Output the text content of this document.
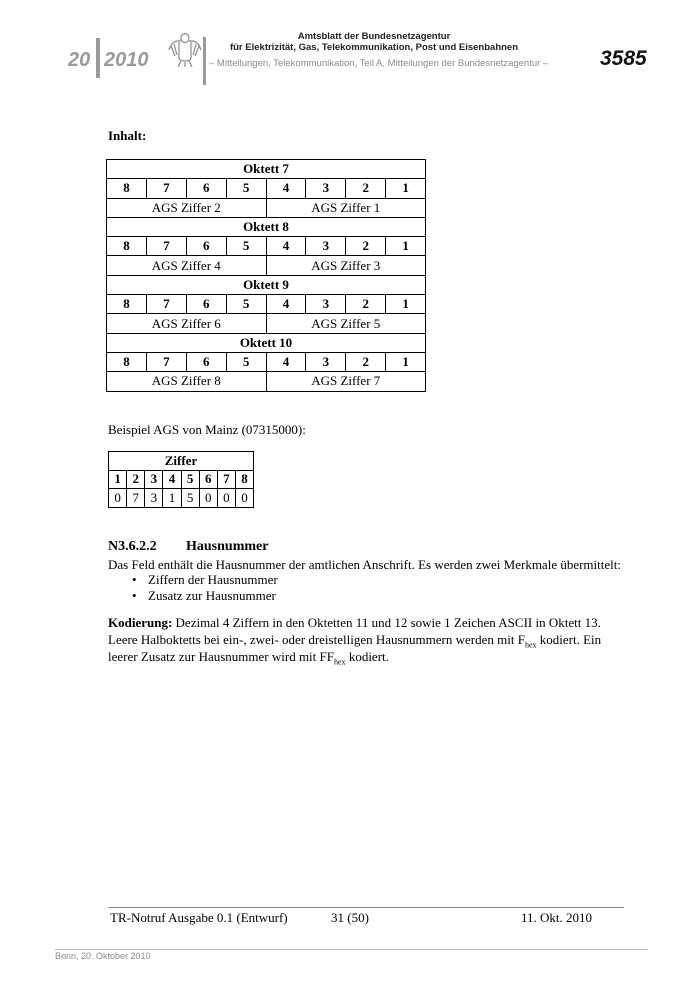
20 2010
Amtsblatt der Bundesnetzagentur
für Elektrizität, Gas, Telekommunikation, Post und Eisenbahnen
– Mitteilungen, Telekommunikation, Teil A, Mitteilungen der Bundesnetzagentur – 3585
Inhalt:
Oktett 7							
8	7	6	5	4	3	2	1
AGS Ziffer 2				AGS Ziffer 1			
Oktett 8							
8	7	6	5	4	3	2	1
AGS Ziffer 4				AGS Ziffer 3			
Oktett 9							
8	7	6	5	4	3	2	1
AGS Ziffer 6				AGS Ziffer 5			
Oktett 10							
8	7	6	5	4	3	2	1
AGS Ziffer 8				AGS Ziffer 7			
Beispiel AGS von Mainz (07315000):
Ziffer							
1	2	3	4	5	6	7	8
0	7	3	1	5	0	0	0
N3.6.2.2 Hausnummer
Das Feld enthält die Hausnummer der amtlichen Anschrift. Es werden zwei Merkmale übermittelt:
• Ziffern der Hausnummer
• Zusatz zur Hausnummer
Kodierung: Dezimal 4 Ziffern in den Oktetten 11 und 12 sowie 1 Zeichen ASCII in Oktett 13.
Leere Halboktetts bei ein-, zwei- oder dreistelligen Hausnummern werden mit $F_{hex}$ kodiert. Ein
leerer Zusatz zur Hausnummer wird mit $FF_{hex}$ kodiert.
TR-Notruf Ausgabe 0.1 (Entwurf)	31 (50)	11. Okt. 2010
Bonn, 20. Oktober 2010
